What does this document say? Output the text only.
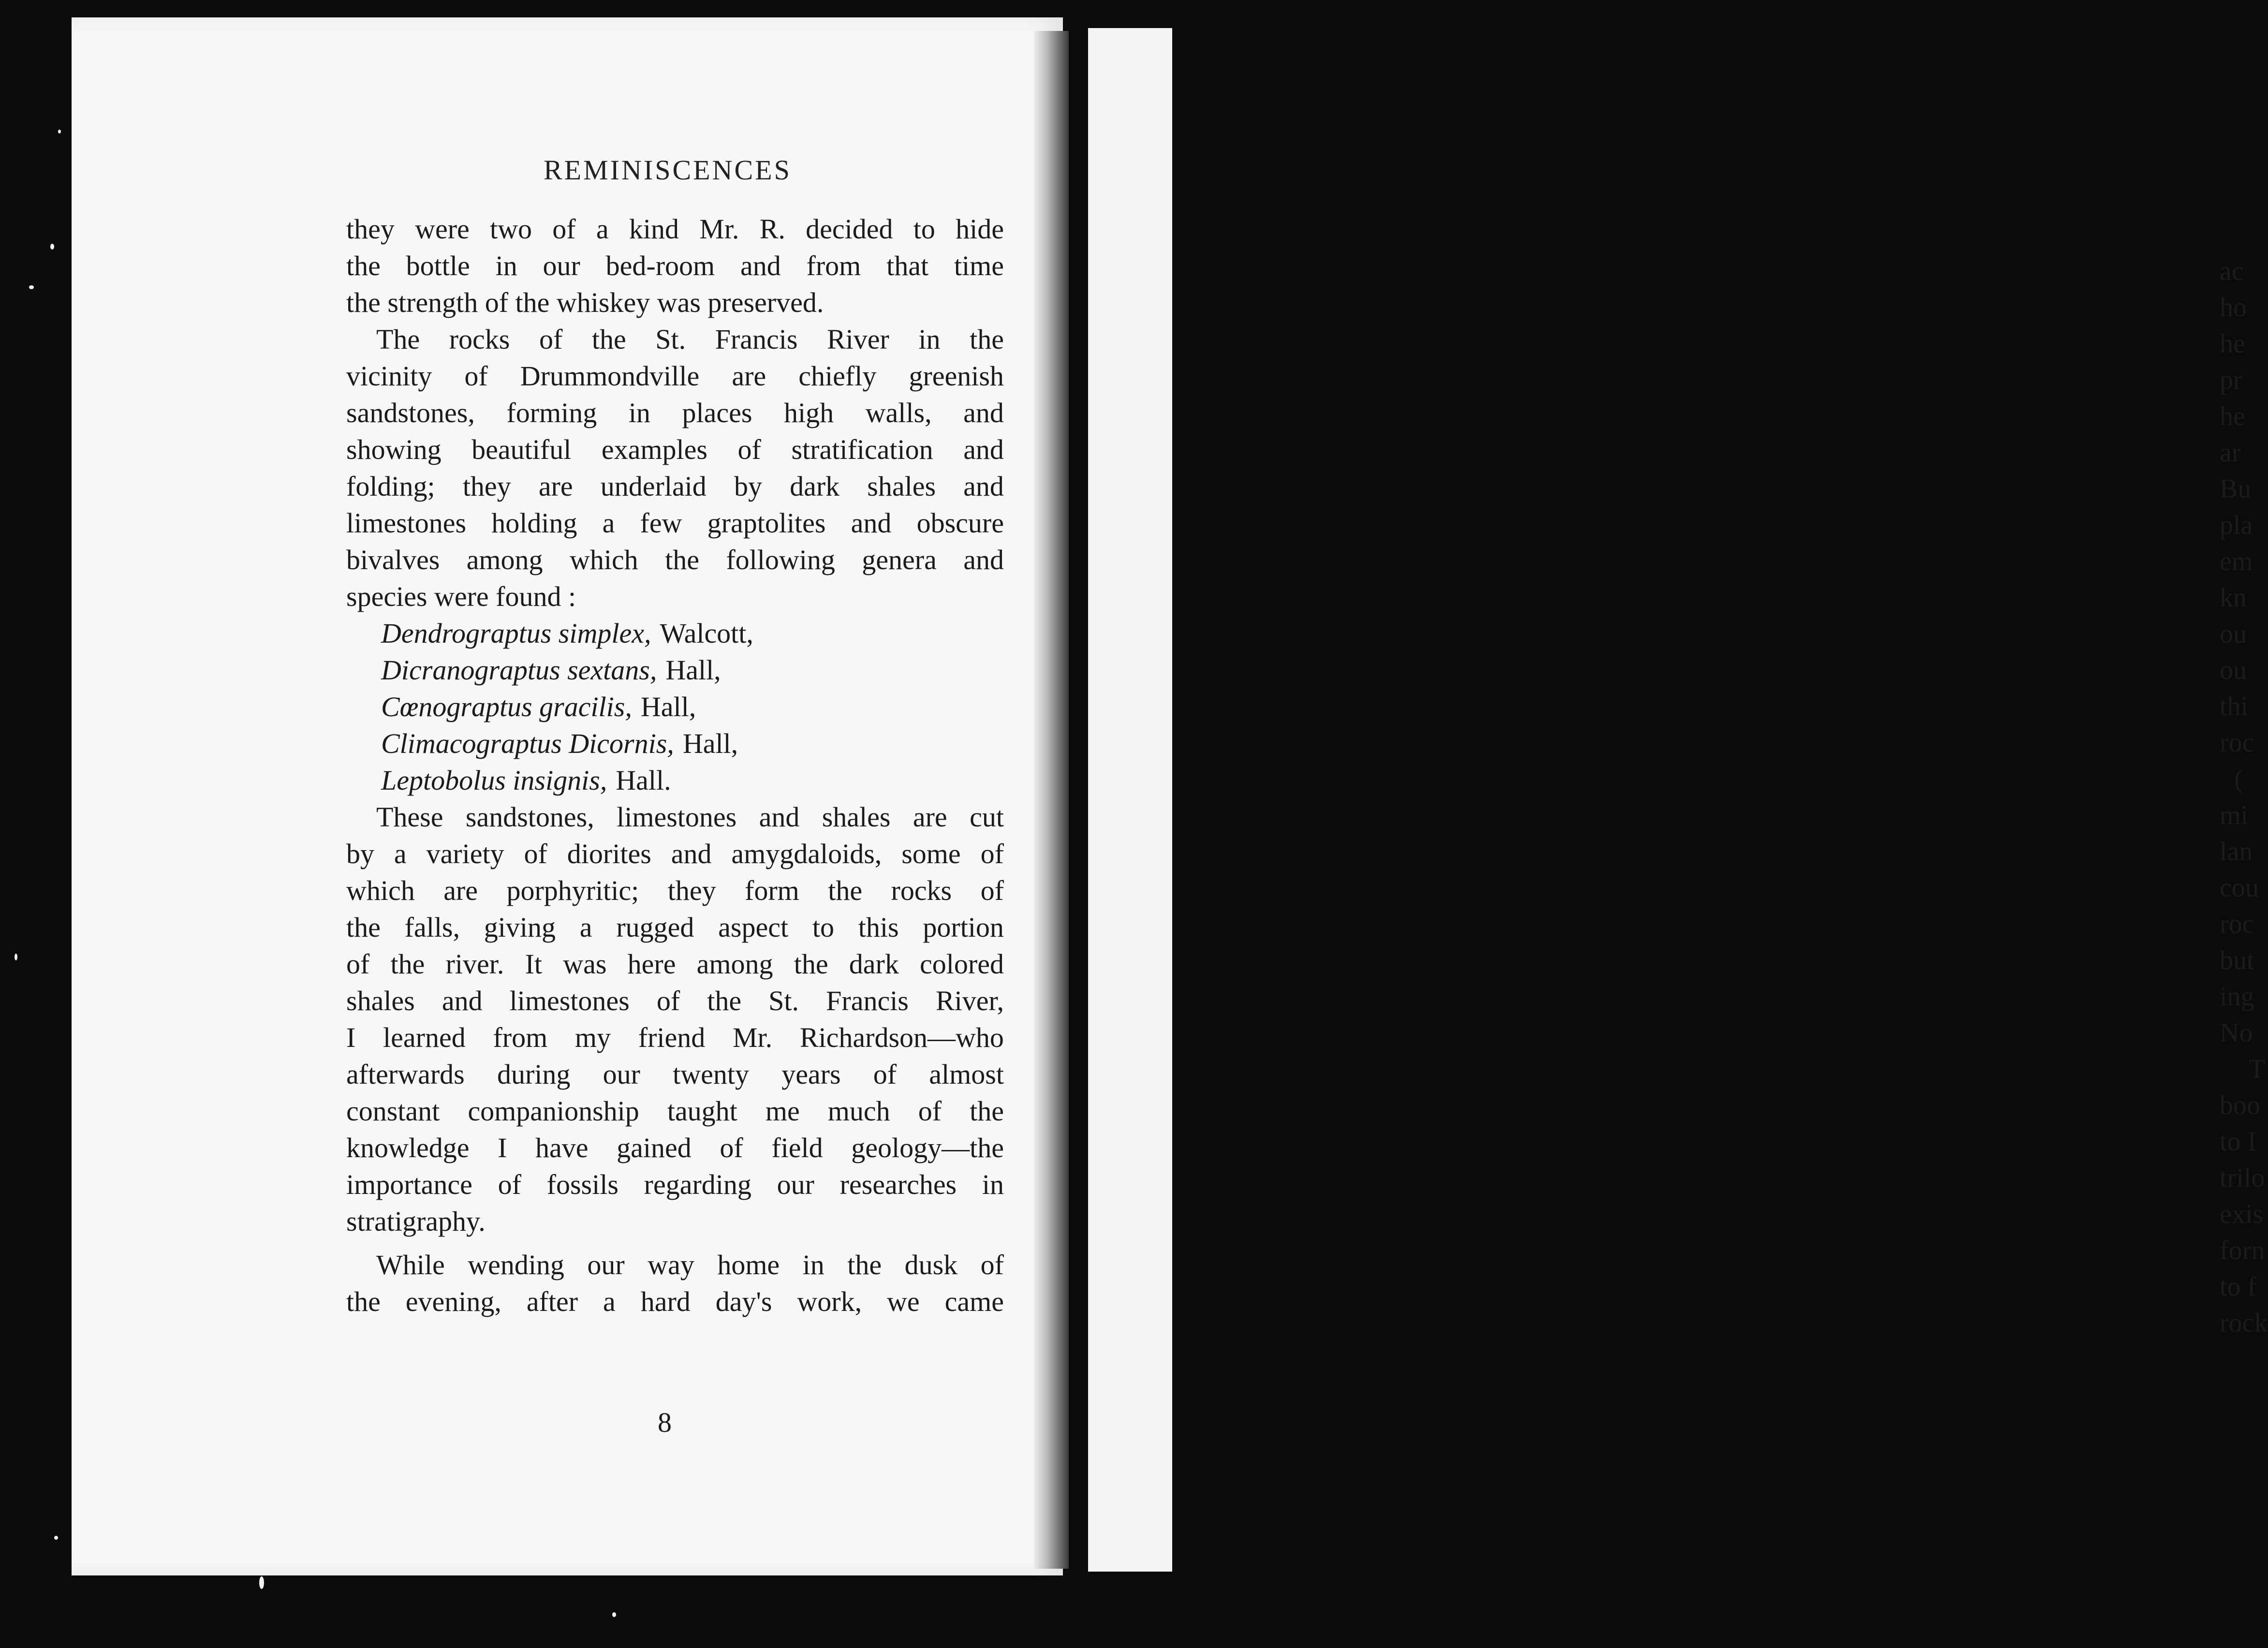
ac
ho
he
pr
he
ar
Bu
pla
em
kn
ou
ou
thi
roc
(
mi
lan
cou
roc
but
ing
No
T
boo
to I
trilo
exis
forn
to f
rock
REMINISCENCES
they were two of a kind Mr. R. decided to hide
the bottle in our bed-room and from that time
the strength of the whiskey was preserved.
The rocks of the St. Francis River in the
vicinity of Drummondville are chiefly greenish
sandstones, forming in places high walls, and
showing beautiful examples of stratification and
folding; they are underlaid by dark shales and
limestones holding a few graptolites and obscure
bivalves among which the following genera and
species were found :
Dendrograptus simplex, Walcott,
Dicranograptus sextans, Hall,
Cœnograptus gracilis, Hall,
Climacograptus Dicornis, Hall,
Leptobolus insignis, Hall.
These sandstones, limestones and shales are cut
by a variety of diorites and amygdaloids, some of
which are porphyritic; they form the rocks of
the falls, giving a rugged aspect to this portion
of the river. It was here among the dark colored
shales and limestones of the St. Francis River,
I learned from my friend Mr. Richardson—who
afterwards during our twenty years of almost
constant companionship taught me much of the
knowledge I have gained of field geology—the
importance of fossils regarding our researches in
stratigraphy.
While wending our way home in the dusk of
the evening, after a hard day's work, we came
8
